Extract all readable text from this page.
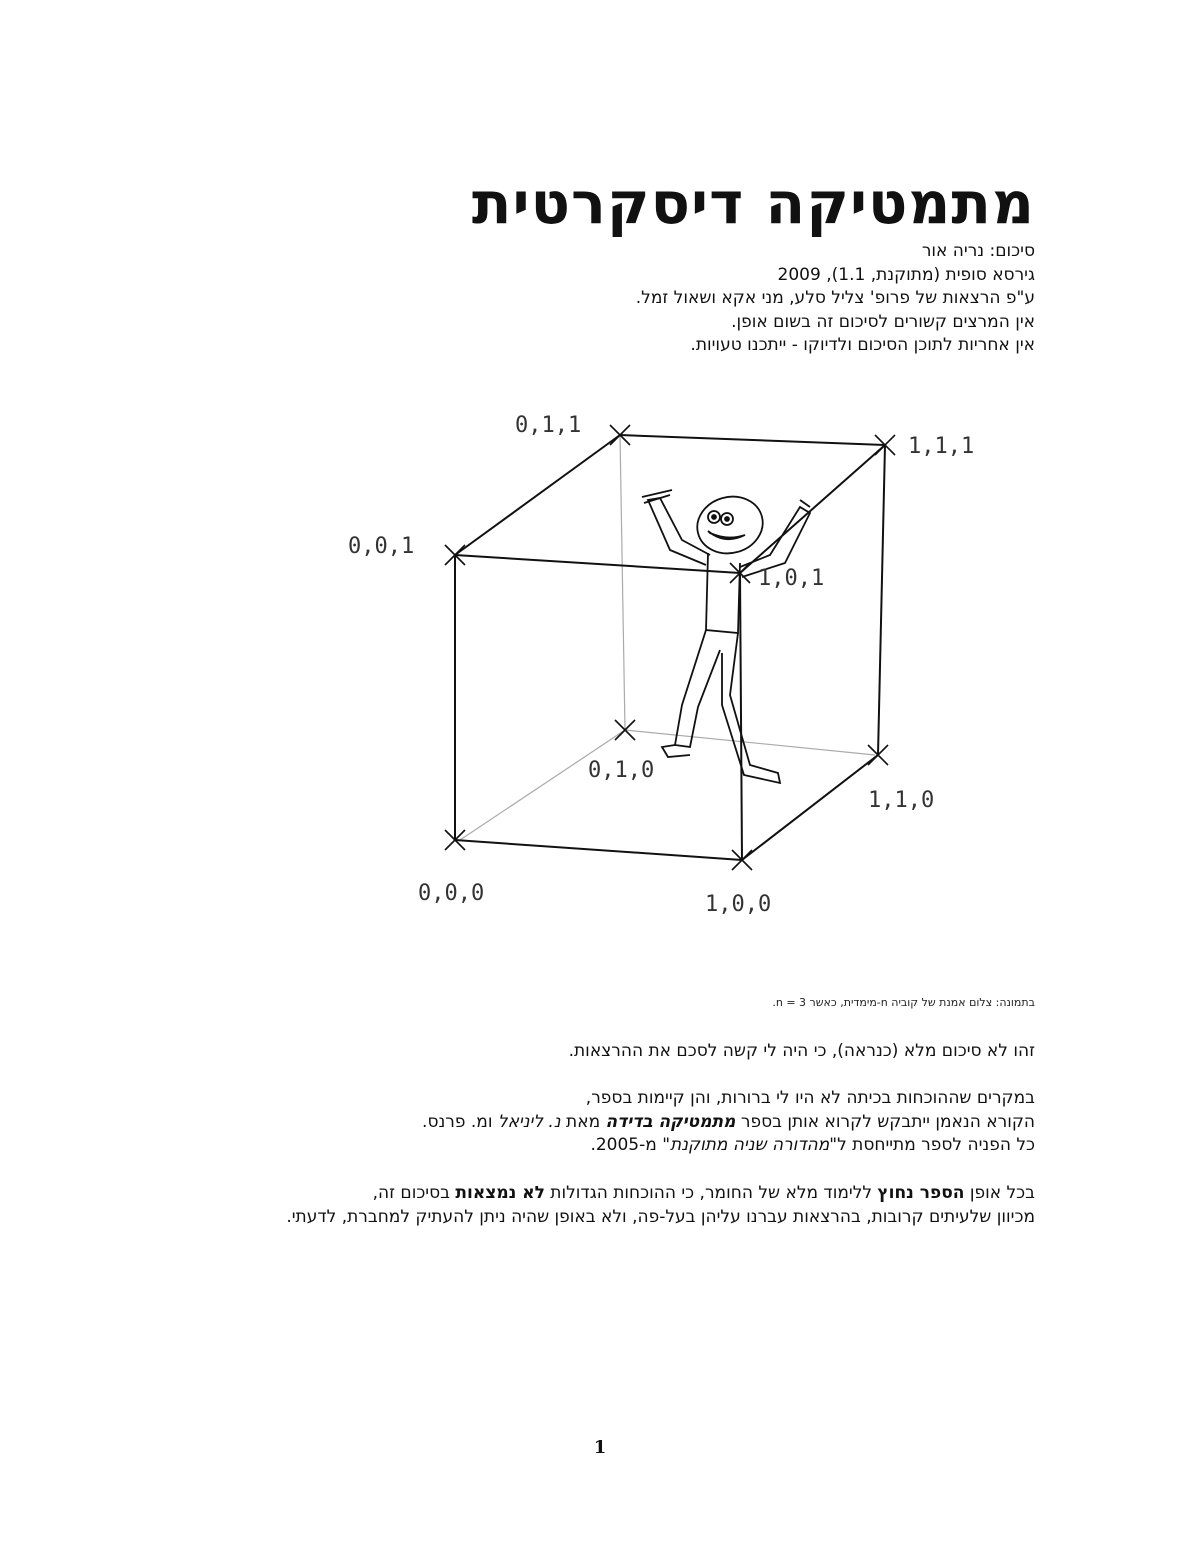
מתמטיקה דיסקרטית
סיכום: נריה אור
גירסא סופית (מתוקנת, 1.1), 2009
ע"פ הרצאות של פרופ' צליל סלע, מני אקא ושאול זמל.
אין המרצים קשורים לסיכום זה בשום אופן.
אין אחריות לתוכן הסיכום ולדיוקו - ייתכנו טעויות.
0,1,1
1,1,1
0,0,1
1,0,1
0,1,0
1,1,0
0,0,0	1,0,0
בתמונה: צלום אמנת של קוביה n-מימדית, כאשר n = 3.
זהו לא סיכום מלא (כנראה), כי היה לי קשה לסכם את ההרצאות.
במקרים שההוכחות בכיתה לא היו לי ברורות, והן קיימות בספר,
הקורא הנאמן ייתבקש לקרוא אותן בספר מתמטיקה בדידה מאת נ. ליניאל ומ. פרנס.
כל הפניה לספר מתייחסת ל"מהדורה שניה מתוקנת" מ-2005.
בכל אופן הספר נחוץ ללימוד מלא של החומר, כי ההוכחות הגדולות לא נמצאות בסיכום זה,
מכיוון שלעיתים קרובות, בהרצאות עברנו עליהן בעל-פה, ולא באופן שהיה ניתן להעתיק למחברת, לדעתי.
1
